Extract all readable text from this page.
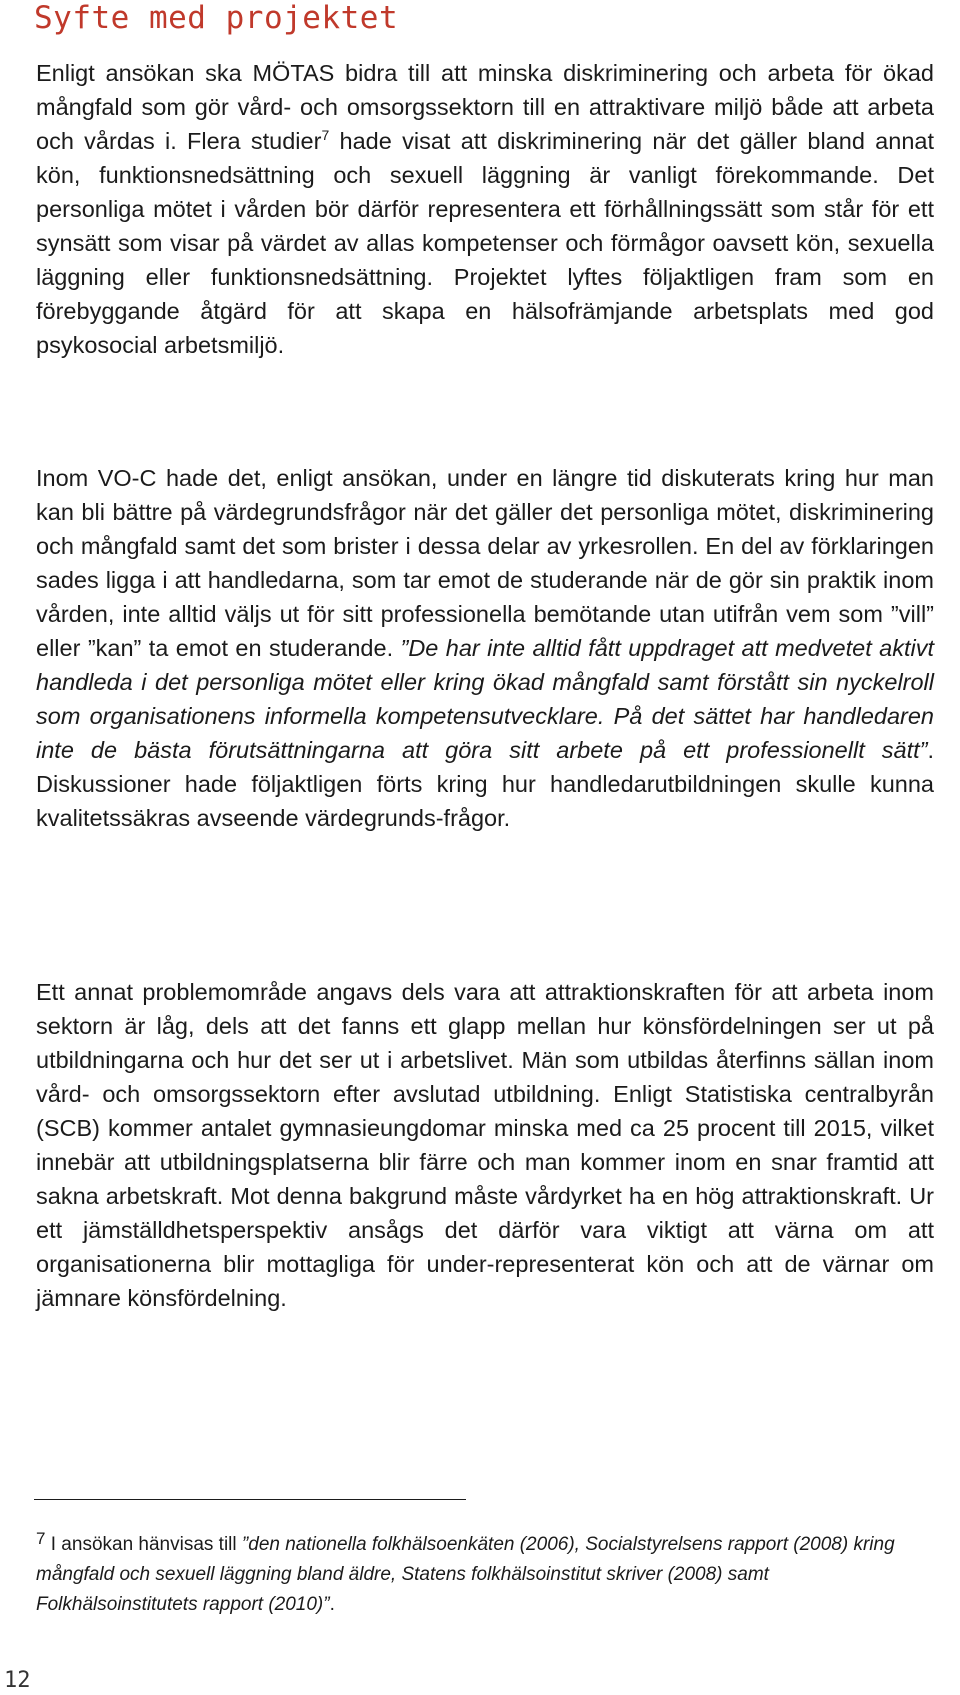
Syfte med projektet

Enligt ansökan ska MÖTAS bidra till att minska diskriminering och arbeta för ökad mångfald som gör vård- och omsorgssektorn till en attraktivare miljö både att arbeta och vårdas i. Flera studier$^7$ hade visat att diskriminering när det gäller bland annat kön, funktionsnedsättning och sexuell läggning är vanligt förekommande. Det personliga mötet i vården bör därför representera ett förhållningssätt som står för ett synsätt som visar på värdet av allas kompetenser och förmågor oavsett kön, sexuella läggning eller funktionsnedsättning. Projektet lyftes följaktligen fram som en förebyggande åtgärd för att skapa en hälsofrämjande arbetsplats med god psykosocial arbetsmiljö.

Inom VO-C hade det, enligt ansökan, under en längre tid diskuterats kring hur man kan bli bättre på värdegrundsfrågor när det gäller det personliga mötet, diskriminering och mångfald samt det som brister i dessa delar av yrkesrollen. En del av förklaringen sades ligga i att handledarna, som tar emot de studerande när de gör sin praktik inom vården, inte alltid väljs ut för sitt professionella bemötande utan utifrån vem som ”vill” eller ”kan” ta emot en studerande. ”De har inte alltid fått uppdraget att medvetet aktivt handleda i det personliga mötet eller kring ökad mångfald samt förstått sin nyckelroll som organisationens informella kompetensutvecklare. På det sättet har handledaren inte de bästa förutsättningarna att göra sitt arbete på ett professionellt sätt”. Diskussioner hade följaktligen förts kring hur handledarutbildningen skulle kunna kvalitetssäkras avseende värdegrunds-frågor.

Ett annat problemområde angavs dels vara att attraktionskraften för att arbeta inom sektorn är låg, dels att det fanns ett glapp mellan hur könsfördelningen ser ut på utbildningarna och hur det ser ut i arbetslivet. Män som utbildas återfinns sällan inom vård- och omsorgssektorn efter avslutad utbildning. Enligt Statistiska centralbyrån (SCB) kommer antalet gymnasieungdomar minska med ca 25 procent till 2015, vilket innebär att utbildningsplatserna blir färre och man kommer inom en snar framtid att sakna arbetskraft. Mot denna bakgrund måste vårdyrket ha en hög attraktionskraft. Ur ett jämställdhetsperspektiv ansågs det därför vara viktigt att värna om att organisationerna blir mottagliga för under-representerat kön och att de värnar om jämnare könsfördelning.

7 I ansökan hänvisas till ”den nationella folkhälsoenkäten (2006), Socialstyrelsens rapport (2008) kring mångfald och sexuell läggning bland äldre, Statens folkhälsoinstitut skriver (2008) samt Folkhälsoinstitutets rapport (2010)”.

12
